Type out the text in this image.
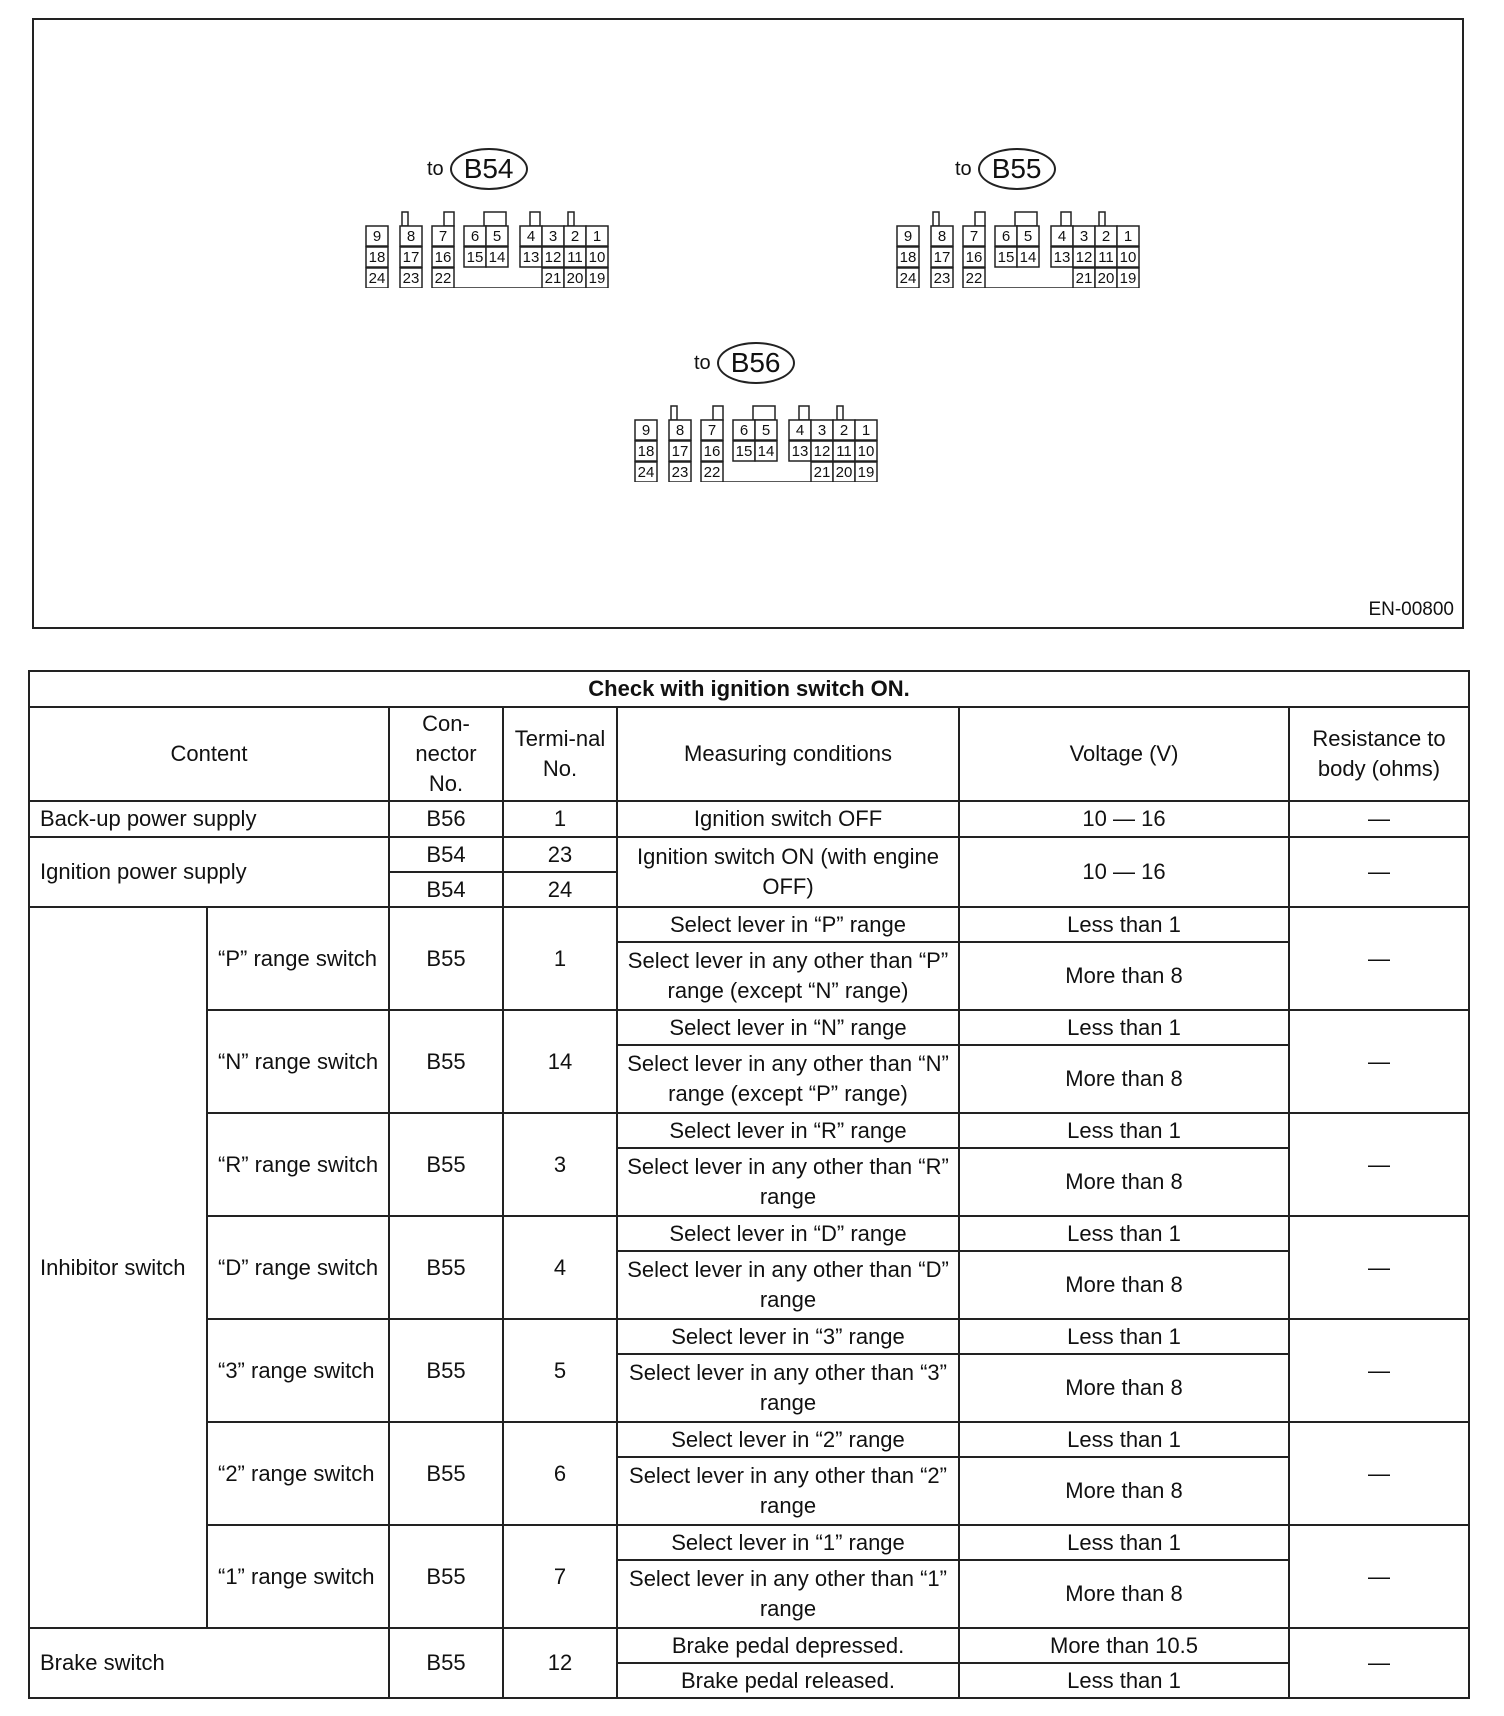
to B54
9 8 7 6 5 4 3 2 1
18 17 16 15 14 13 12 11 10
24 23 22	21 20 19
to B55
9 8 7 6 5 4 3 2 1
18 17 16 15 14 13 12 11 10
24 23 22	21 20 19
to B56
9 8 7 6 5 4 3 2 1
18 17 16 15 14 13 12 11 10
24 23 22	21 20 19
EN-00800
Check with ignition switch ON.						
Content		Con-nector No.	Termi-nal No.	Measuring conditions	Voltage (V)	Resistance to body (ohms)
Back-up power supply		B56	1	Ignition switch OFF	10 — 16	—
Ignition power supply		B54	23	Ignition switch ON (with engine OFF)	10 — 16	—
		B54	24			
Inhibitor switch	“P” range switch	B55	1	Select lever in “P” range	Less than 1	—
				Select lever in any other than “P” range (except “N” range)	More than 8	
	“N” range switch	B55	14	Select lever in “N” range	Less than 1	—
				Select lever in any other than “N” range (except “P” range)	More than 8	
	“R” range switch	B55	3	Select lever in “R” range	Less than 1	—
				Select lever in any other than “R” range	More than 8	
	“D” range switch	B55	4	Select lever in “D” range	Less than 1	—
				Select lever in any other than “D” range	More than 8	
	“3” range switch	B55	5	Select lever in “3” range	Less than 1	—
				Select lever in any other than “3” range	More than 8	
	“2” range switch	B55	6	Select lever in “2” range	Less than 1	—
				Select lever in any other than “2” range	More than 8	
	“1” range switch	B55	7	Select lever in “1” range	Less than 1	—
				Select lever in any other than “1” range	More than 8	
Brake switch		B55	12	Brake pedal depressed.	More than 10.5	—
				Brake pedal released.	Less than 1	
